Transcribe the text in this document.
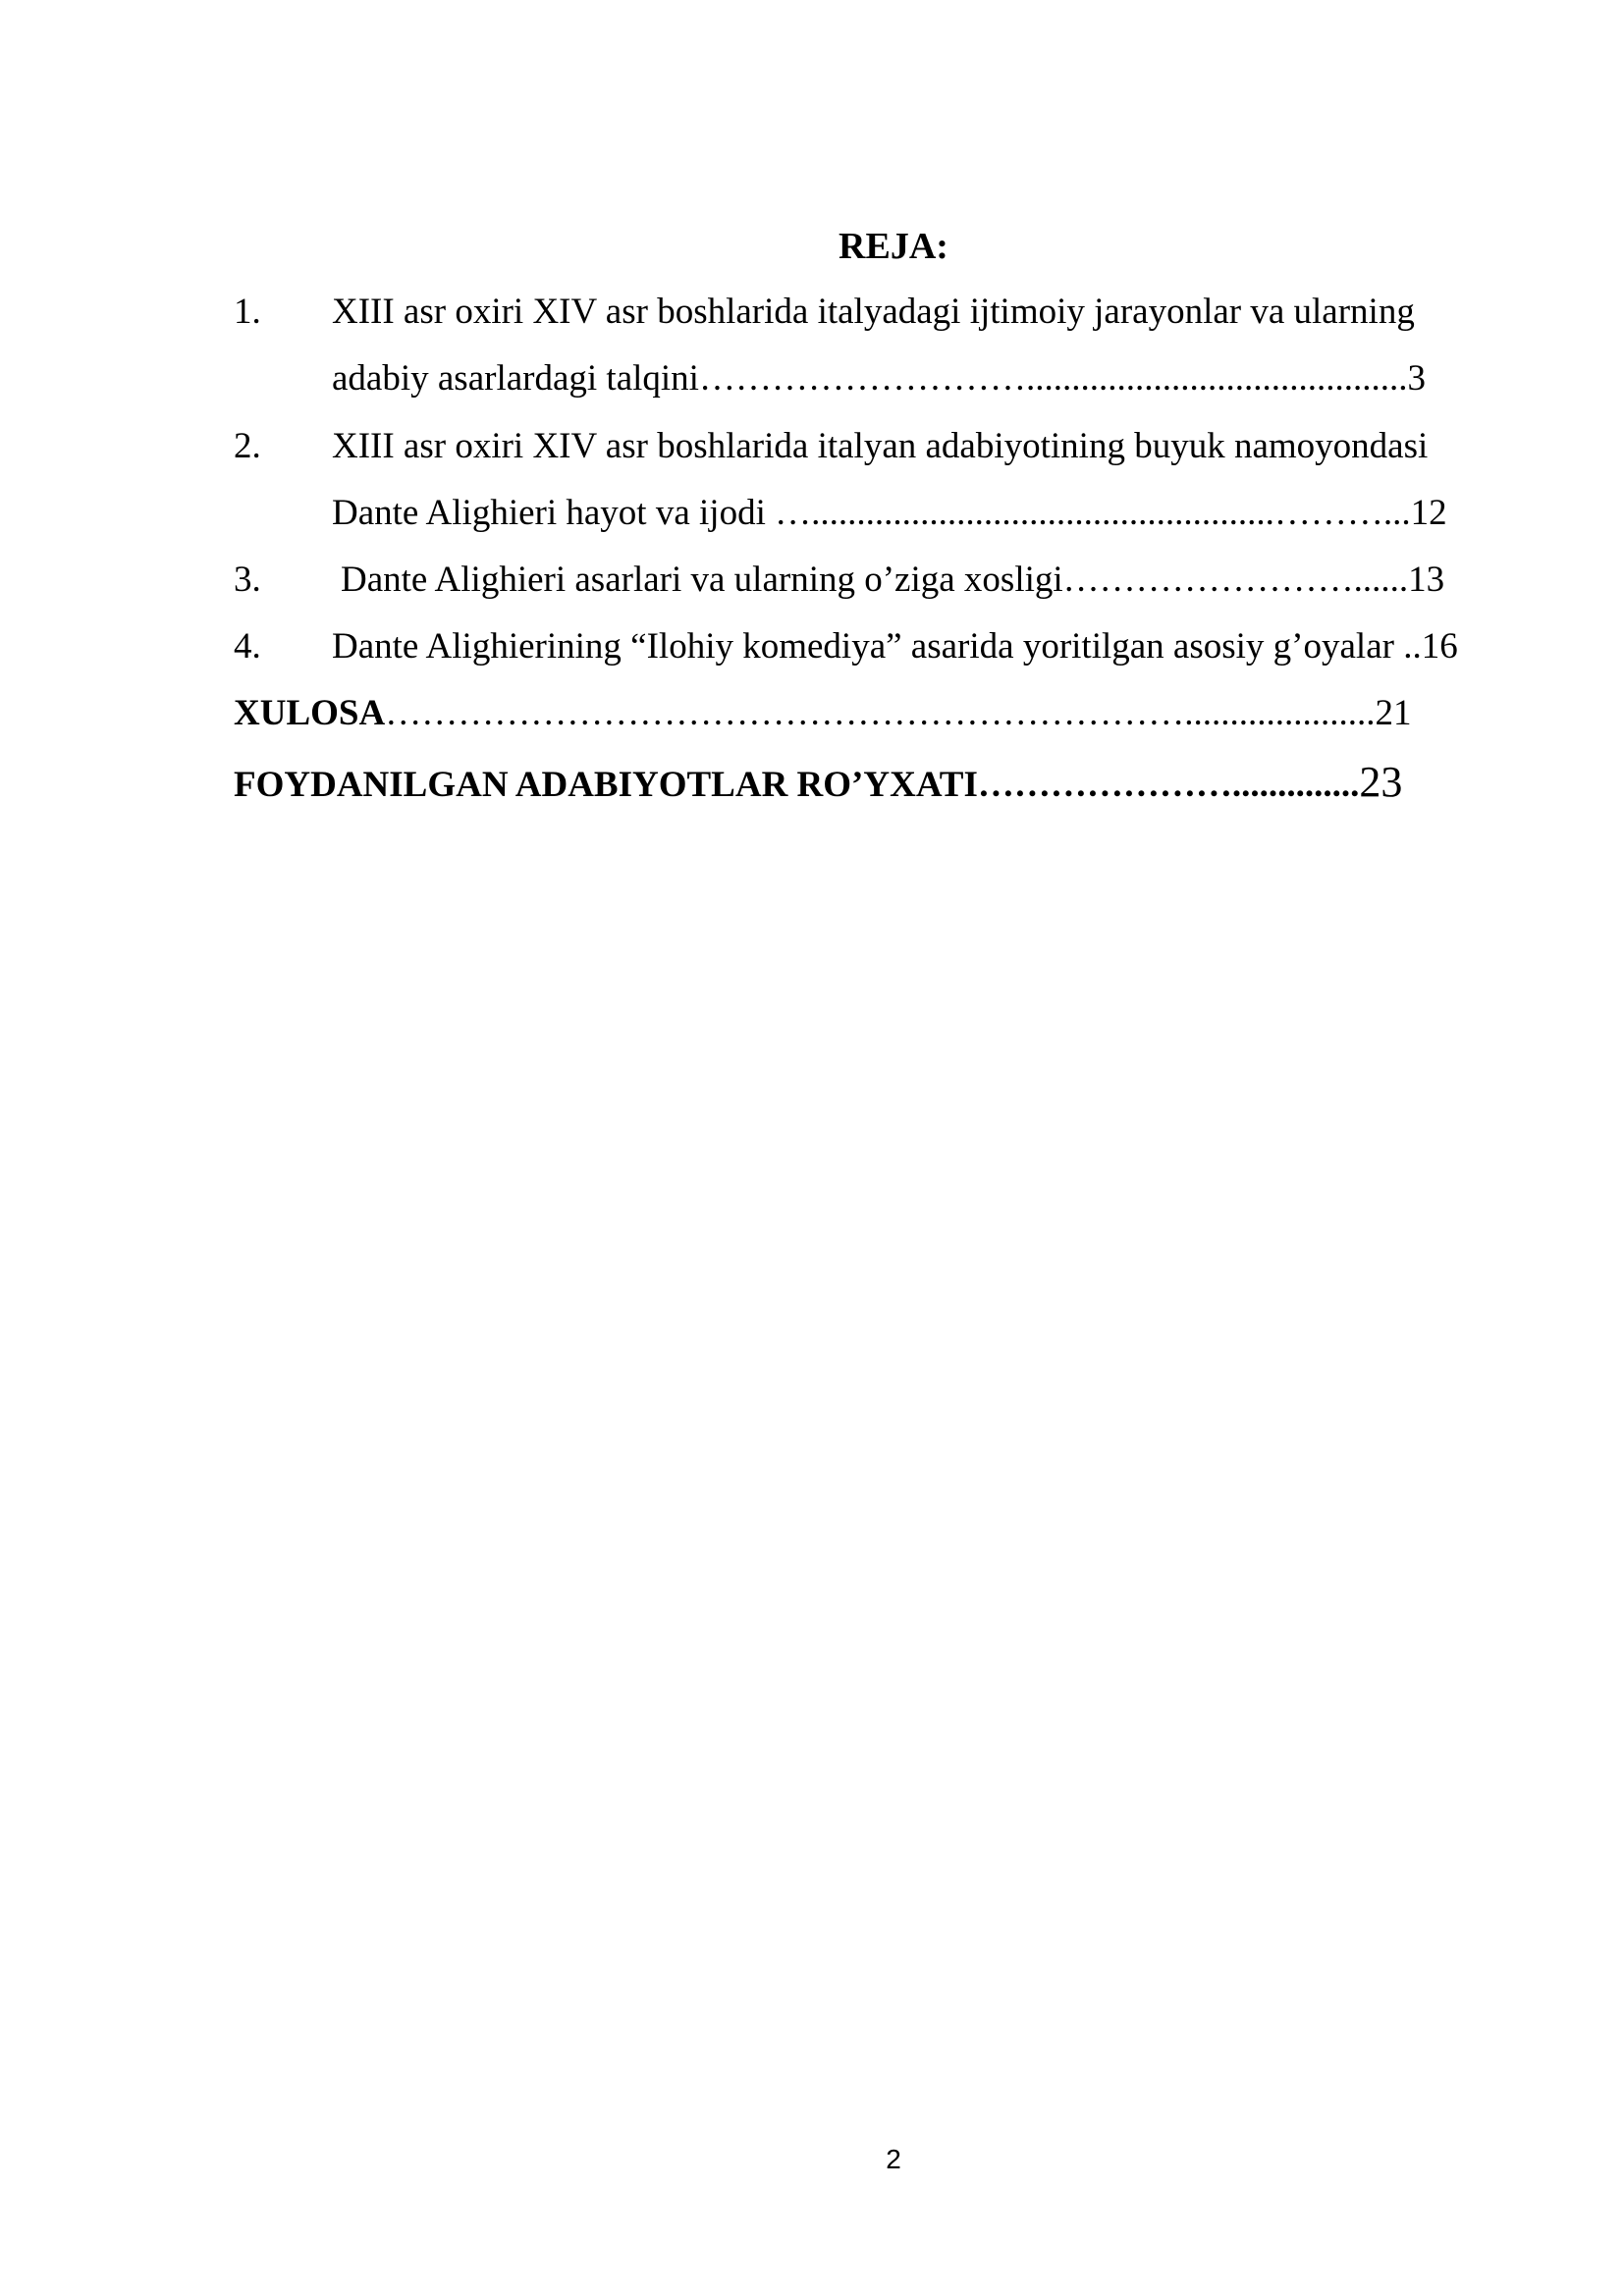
REJA:
1. XIII asr oxiri XIV asr boshlarida italyadagi ijtimoiy jarayonlar va ularning
adabiy asarlardagi talqini………………………..........................................3
2. XIII asr oxiri XIV asr boshlarida italyan adabiyotining buyuk namoyondasi
Dante Alighieri hayot va ijodi …...................................................………...12
3. Dante Alighieri asarlari va ularning o’ziga xosligi……………………......13
4. Dante Alighierining “Ilohiy komediya” asarida yoritilgan asosiy g’oyalar ..16
XULOSA………………………………………………………….....................21
FOYDANILGAN ADABIYOTLAR RO’YXATI…………………..............23
2
